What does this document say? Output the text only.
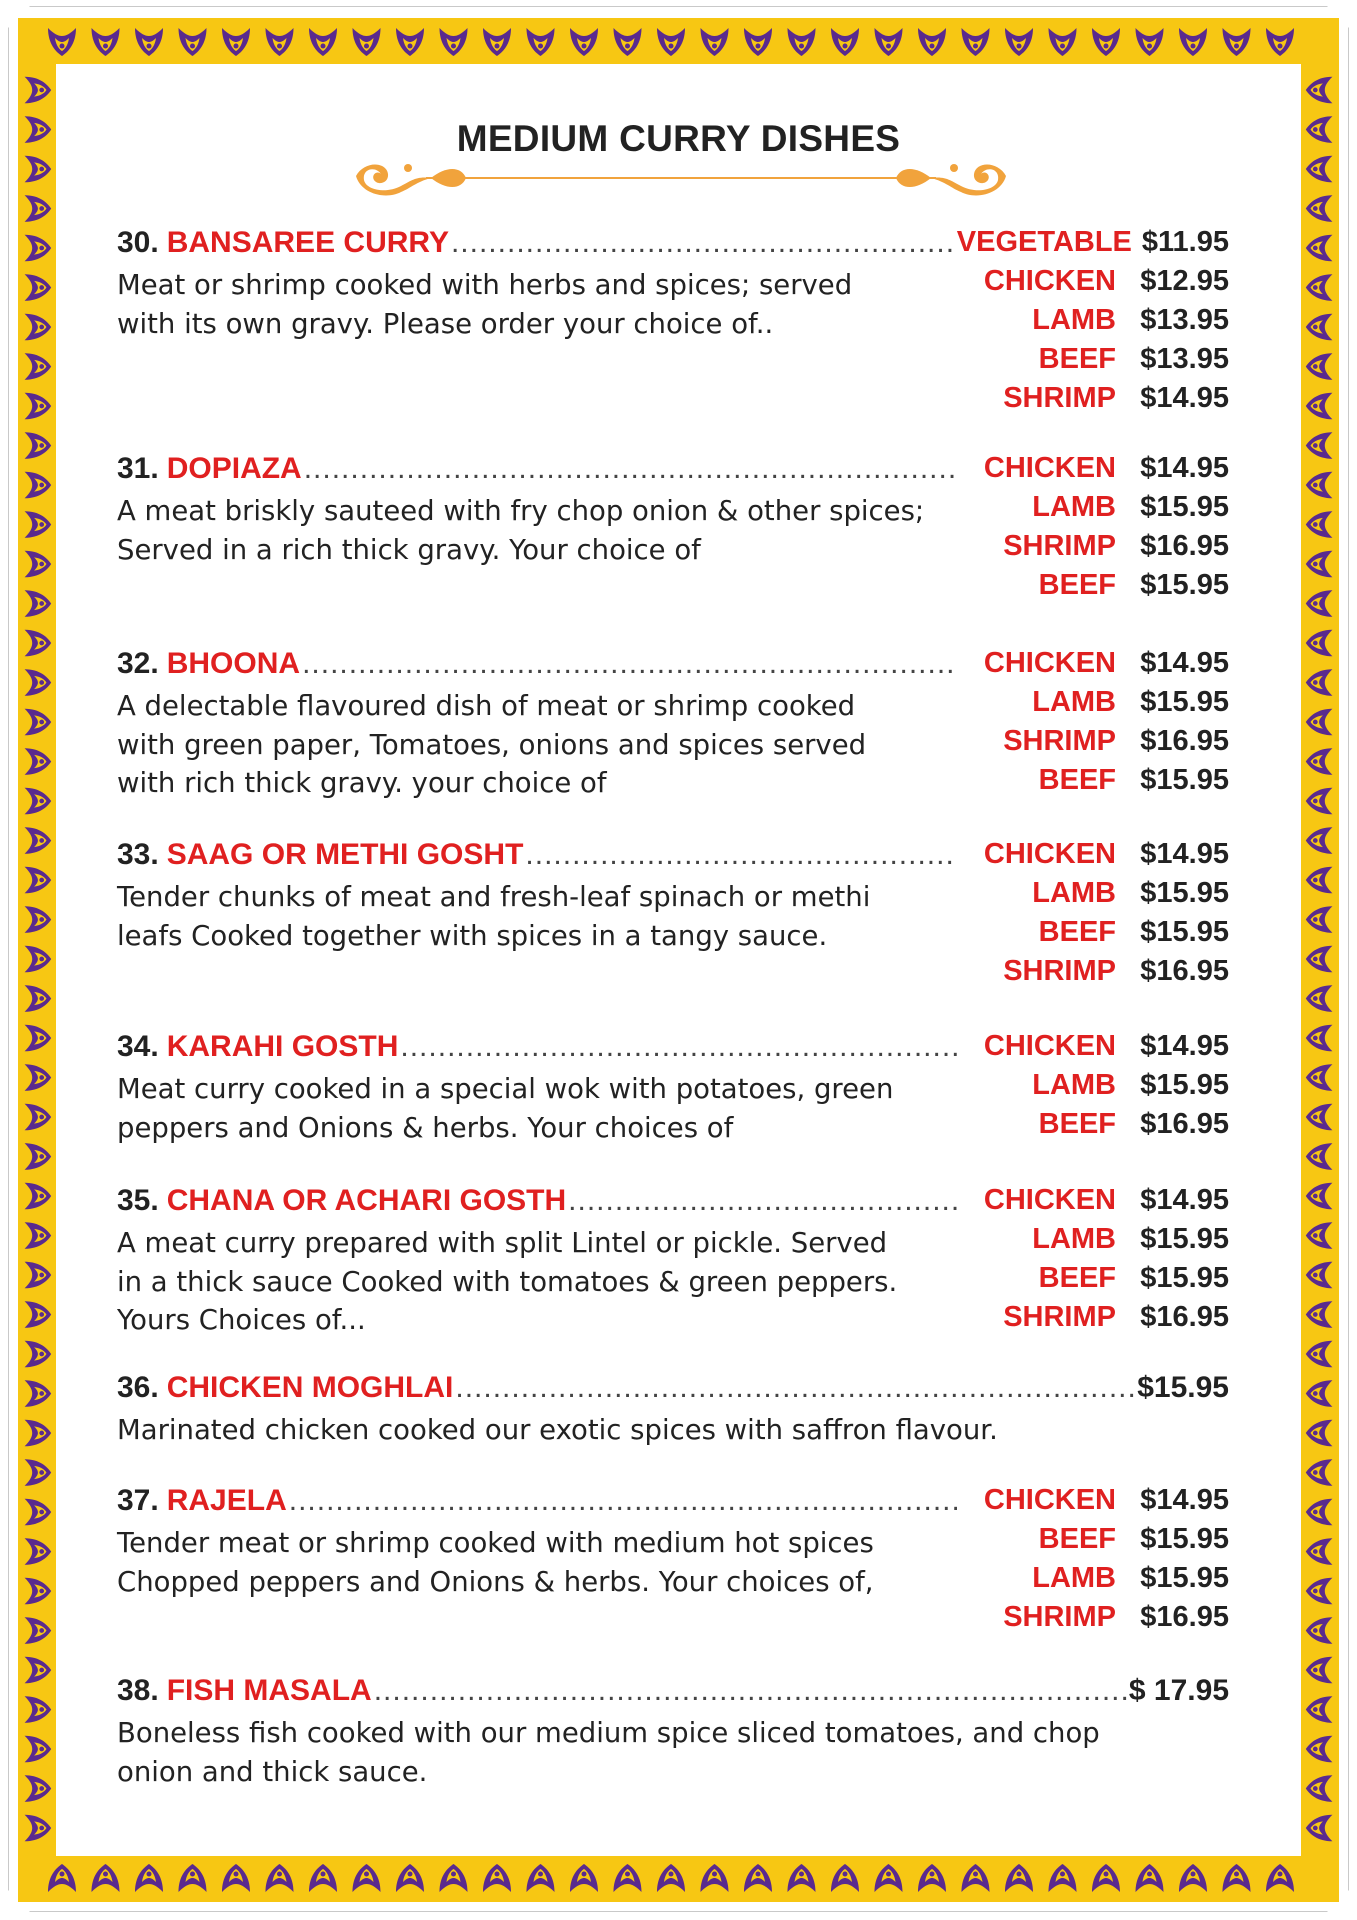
MEDIUM CURRY DISHES
30. BANSAREE CURRY .....	VEGETABLE $11.95
CHICKEN $12.95
LAMB $13.95
BEEF $13.95
SHRIMP $14.95
Meat or shrimp cooked with herbs and spices; served
with its own gravy. Please order your choice of..
31. DOPIAZA .....	CHICKEN $14.95
LAMB $15.95
SHRIMP $16.95
BEEF $15.95
A meat briskly sauteed with fry chop onion & other spices;
Served in a rich thick gravy. Your choice of
32. BHOONA .....	CHICKEN $14.95
LAMB $15.95
SHRIMP $16.95
BEEF $15.95
A delectable flavoured dish of meat or shrimp cooked
with green paper, Tomatoes, onions and spices served
with rich thick gravy. your choice of
33. SAAG OR METHI GOSHT .....	CHICKEN $14.95
LAMB $15.95
BEEF $15.95
SHRIMP $16.95
Tender chunks of meat and fresh-leaf spinach or methi
leafs Cooked together with spices in a tangy sauce.
34. KARAHI GOSTH .....	CHICKEN $14.95
LAMB $15.95
BEEF $16.95
Meat curry cooked in a special wok with potatoes, green
peppers and Onions & herbs. Your choices of
35. CHANA OR ACHARI GOSTH .....	CHICKEN $14.95
LAMB $15.95
BEEF $15.95
SHRIMP $16.95
A meat curry prepared with split Lintel or pickle. Served
in a thick sauce Cooked with tomatoes & green peppers.
Yours Choices of...
36. CHICKEN MOGHLAI .....	$15.95
Marinated chicken cooked our exotic spices with saffron flavour.
37. RAJELA .....	CHICKEN $14.95
BEEF $15.95
LAMB $15.95
SHRIMP $16.95
Tender meat or shrimp cooked with medium hot spices
Chopped peppers and Onions & herbs. Your choices of,
38. FISH MASALA .....	$ 17.95
Boneless fish cooked with our medium spice sliced tomatoes, and chop
onion and thick sauce.
